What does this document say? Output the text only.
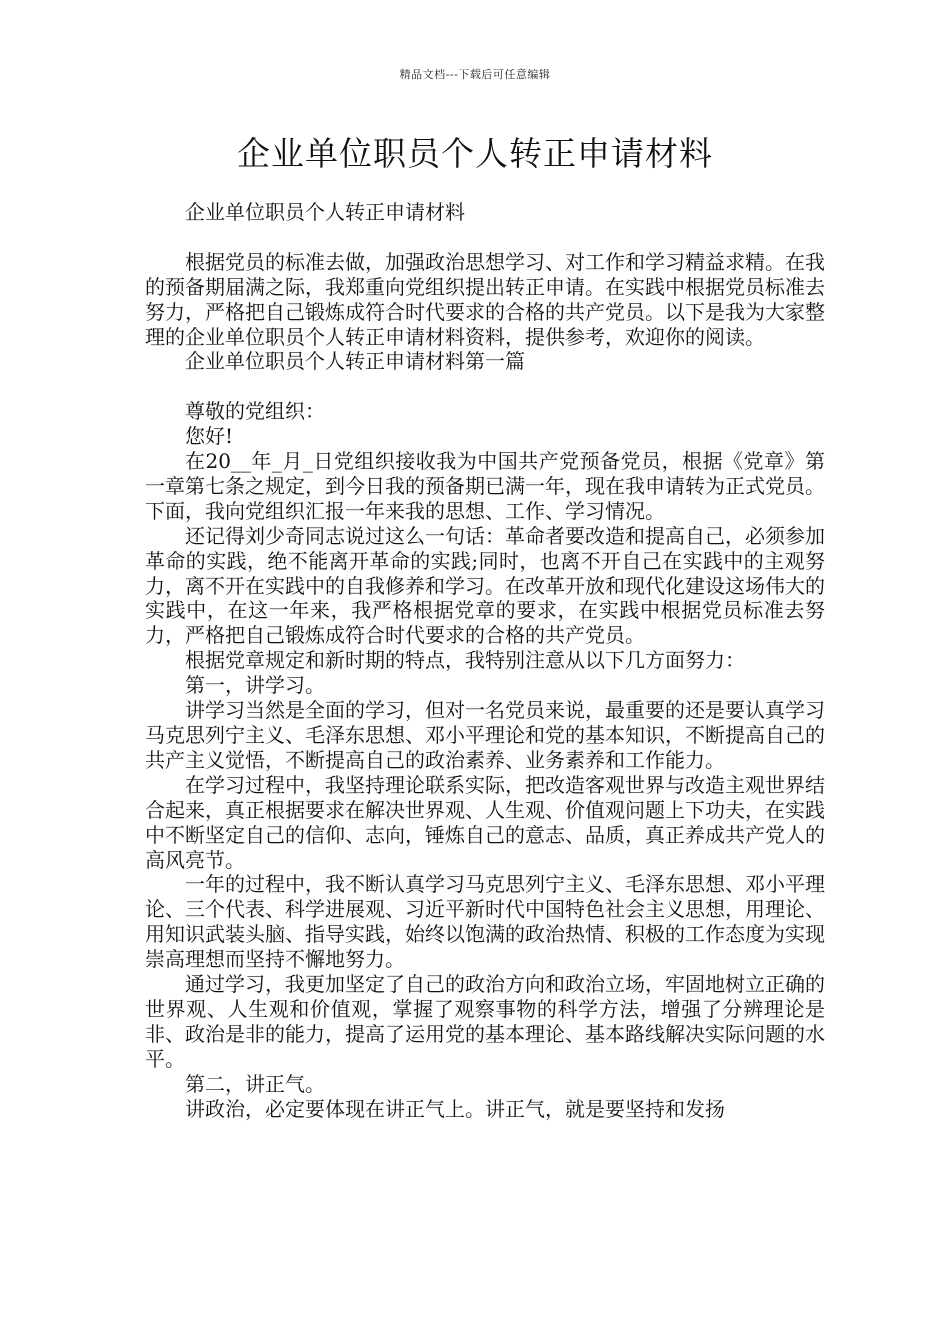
精品文档---下载后可任意编辑
企业单位职员个人转正申请材料

企业单位职员个人转正申请材料

根据党员的标准去做，加强政治思想学习、对工作和学习精益求精。在我的预备期届满之际，我郑重向党组织提出转正申请。在实践中根据党员标准去努力，严格把自己锻炼成符合时代要求的合格的共产党员。以下是我为大家整理的企业单位职员个人转正申请材料资料，提供参考，欢迎你的阅读。

企业单位职员个人转正申请材料第一篇

尊敬的党组织：

您好!

在20__年_月_日党组织接收我为中国共产党预备党员，根据《党章》第一章第七条之规定，到今日我的预备期已满一年，现在我申请转为正式党员。下面，我向党组织汇报一年来我的思想、工作、学习情况。

还记得刘少奇同志说过这么一句话：革命者要改造和提高自己，必须参加革命的实践，绝不能离开革命的实践;同时，也离不开自己在实践中的主观努力，离不开在实践中的自我修养和学习。在改革开放和现代化建设这场伟大的实践中，在这一年来，我严格根据党章的要求，在实践中根据党员标准去努力，严格把自己锻炼成符合时代要求的合格的共产党员。

根据党章规定和新时期的特点，我特别注意从以下几方面努力：

第一，讲学习。

讲学习当然是全面的学习，但对一名党员来说，最重要的还是要认真学习马克思列宁主义、毛泽东思想、邓小平理论和党的基本知识，不断提高自己的共产主义觉悟，不断提高自己的政治素养、业务素养和工作能力。

在学习过程中，我坚持理论联系实际，把改造客观世界与改造主观世界结合起来，真正根据要求在解决世界观、人生观、价值观问题上下功夫，在实践中不断坚定自己的信仰、志向，锤炼自己的意志、品质，真正养成共产党人的高风亮节。

一年的过程中，我不断认真学习马克思列宁主义、毛泽东思想、邓小平理论、三个代表、科学进展观、习近平新时代中国特色社会主义思想，用理论、用知识武装头脑、指导实践，始终以饱满的政治热情、积极的工作态度为实现崇高理想而坚持不懈地努力。

通过学习，我更加坚定了自己的政治方向和政治立场，牢固地树立正确的世界观、人生观和价值观，掌握了观察事物的科学方法，增强了分辨理论是非、政治是非的能力，提高了运用党的基本理论、基本路线解决实际问题的水平。

第二，讲正气。

讲政治，必定要体现在讲正气上。讲正气，就是要坚持和发扬
